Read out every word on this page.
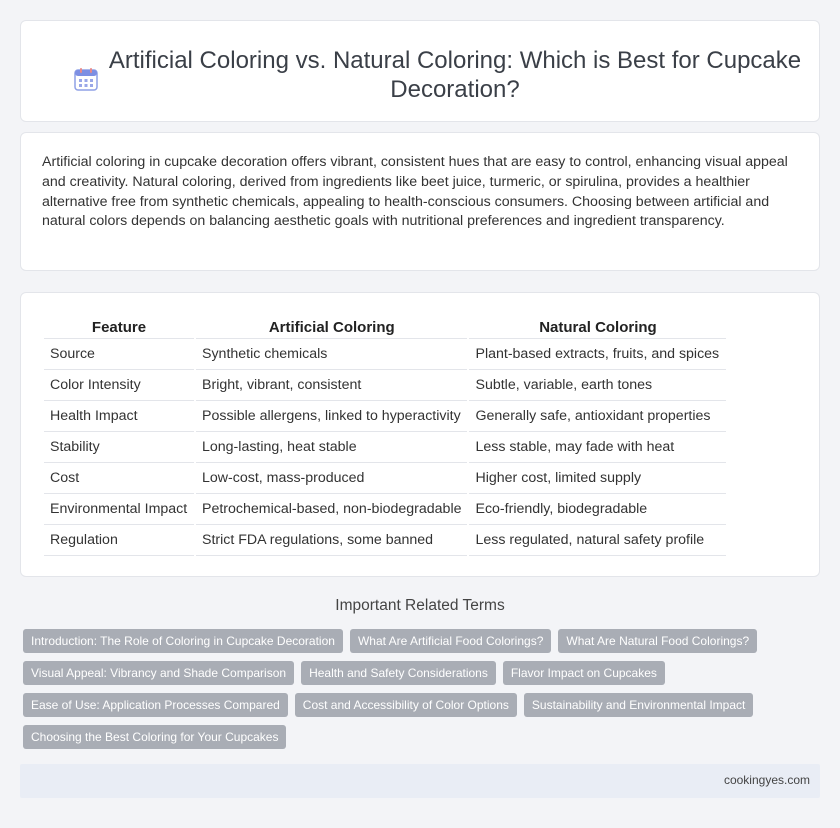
Artificial Coloring vs. Natural Coloring: Which is Best for Cupcake Decoration?

Artificial coloring in cupcake decoration offers vibrant, consistent hues that are easy to control, enhancing visual appeal and creativity. Natural coloring, derived from ingredients like beet juice, turmeric, or spirulina, provides a healthier alternative free from synthetic chemicals, appealing to health-conscious consumers. Choosing between artificial and natural colors depends on balancing aesthetic goals with nutritional preferences and ingredient transparency.

Feature	Artificial Coloring	Natural Coloring
Source	Synthetic chemicals	Plant-based extracts, fruits, and spices
Color Intensity	Bright, vibrant, consistent	Subtle, variable, earth tones
Health Impact	Possible allergens, linked to hyperactivity	Generally safe, antioxidant properties
Stability	Long-lasting, heat stable	Less stable, may fade with heat
Cost	Low-cost, mass-produced	Higher cost, limited supply
Environmental Impact	Petrochemical-based, non-biodegradable	Eco-friendly, biodegradable
Regulation	Strict FDA regulations, some banned	Less regulated, natural safety profile
Important Related Terms
Introduction: The Role of Coloring in Cupcake Decoration	What Are Artificial Food Colorings?	What Are Natural Food Colorings?
Visual Appeal: Vibrancy and Shade Comparison	Health and Safety Considerations	Flavor Impact on Cupcakes
Ease of Use: Application Processes Compared	Cost and Accessibility of Color Options	Sustainability and Environmental Impact
Choosing the Best Coloring for Your Cupcakes
cookingyes.com
